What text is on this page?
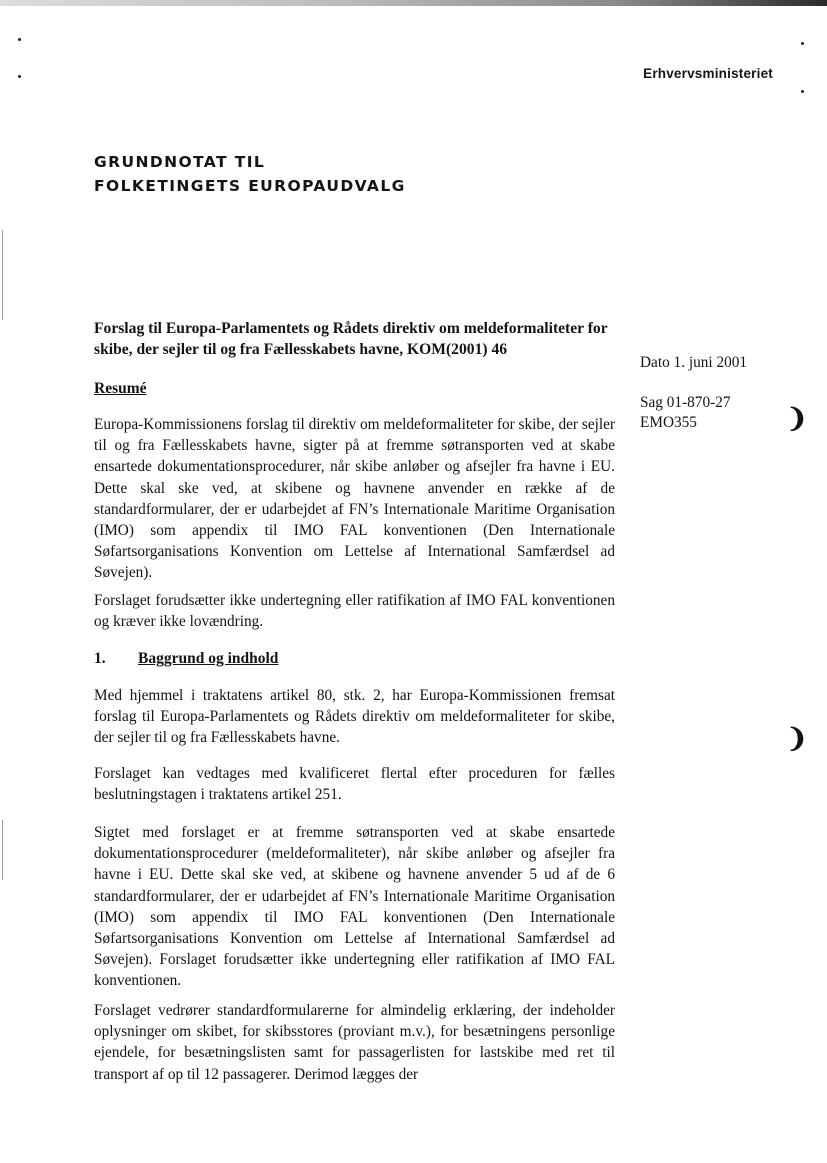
Erhvervsministeriet
GRUNDNOTAT TIL
FOLKETINGETS EUROPAUDVALG
Forslag til Europa-Parlamentets og Rådets direktiv om meldeformaliteter for skibe, der sejler til og fra Fællesskabets havne, KOM(2001) 46
Dato 1. juni 2001
Sag 01-870-27
EMO355	❩
❩
Resumé
Europa-Kommissionens forslag til direktiv om meldeformaliteter for skibe, der sejler til og fra Fællesskabets havne, sigter på at fremme søtransporten ved at skabe ensartede dokumentationsprocedurer, når skibe anløber og afsejler fra havne i EU. Dette skal ske ved, at skibene og havnene anvender en række af de standardformularer, der er udarbejdet af FN’s Internationale Maritime Organisation (IMO) som appendix til IMO FAL konventionen (Den Internationale Søfartsorganisations Konvention om Lettelse af International Samfærdsel ad Søvejen).
Forslaget forudsætter ikke undertegning eller ratifikation af IMO FAL konventionen og kræver ikke lovændring.
1. Baggrund og indhold
Med hjemmel i traktatens artikel 80, stk. 2, har Europa-Kommissionen fremsat forslag til Europa-Parlamentets og Rådets direktiv om meldeformaliteter for skibe, der sejler til og fra Fællesskabets havne.
Forslaget kan vedtages med kvalificeret flertal efter proceduren for fælles beslutningstagen i traktatens artikel 251.
Sigtet med forslaget er at fremme søtransporten ved at skabe ensartede dokumentationsprocedurer (meldeformaliteter), når skibe anløber og afsejler fra havne i EU. Dette skal ske ved, at skibene og havnene anvender 5 ud af de 6 standardformularer, der er udarbejdet af FN’s Internationale Maritime Organisation (IMO) som appendix til IMO FAL konventionen (Den Internationale Søfartsorganisations Konvention om Lettelse af International Samfærdsel ad Søvejen). Forslaget forudsætter ikke undertegning eller ratifikation af IMO FAL konventionen.
Forslaget vedrører standardformularerne for almindelig erklæring, der indeholder oplysninger om skibet, for skibsstores (proviant m.v.), for besætningens personlige ejendele, for besætningslisten samt for passagerlisten for lastskibe med ret til transport af op til 12 passagerer. Derimod lægges der
